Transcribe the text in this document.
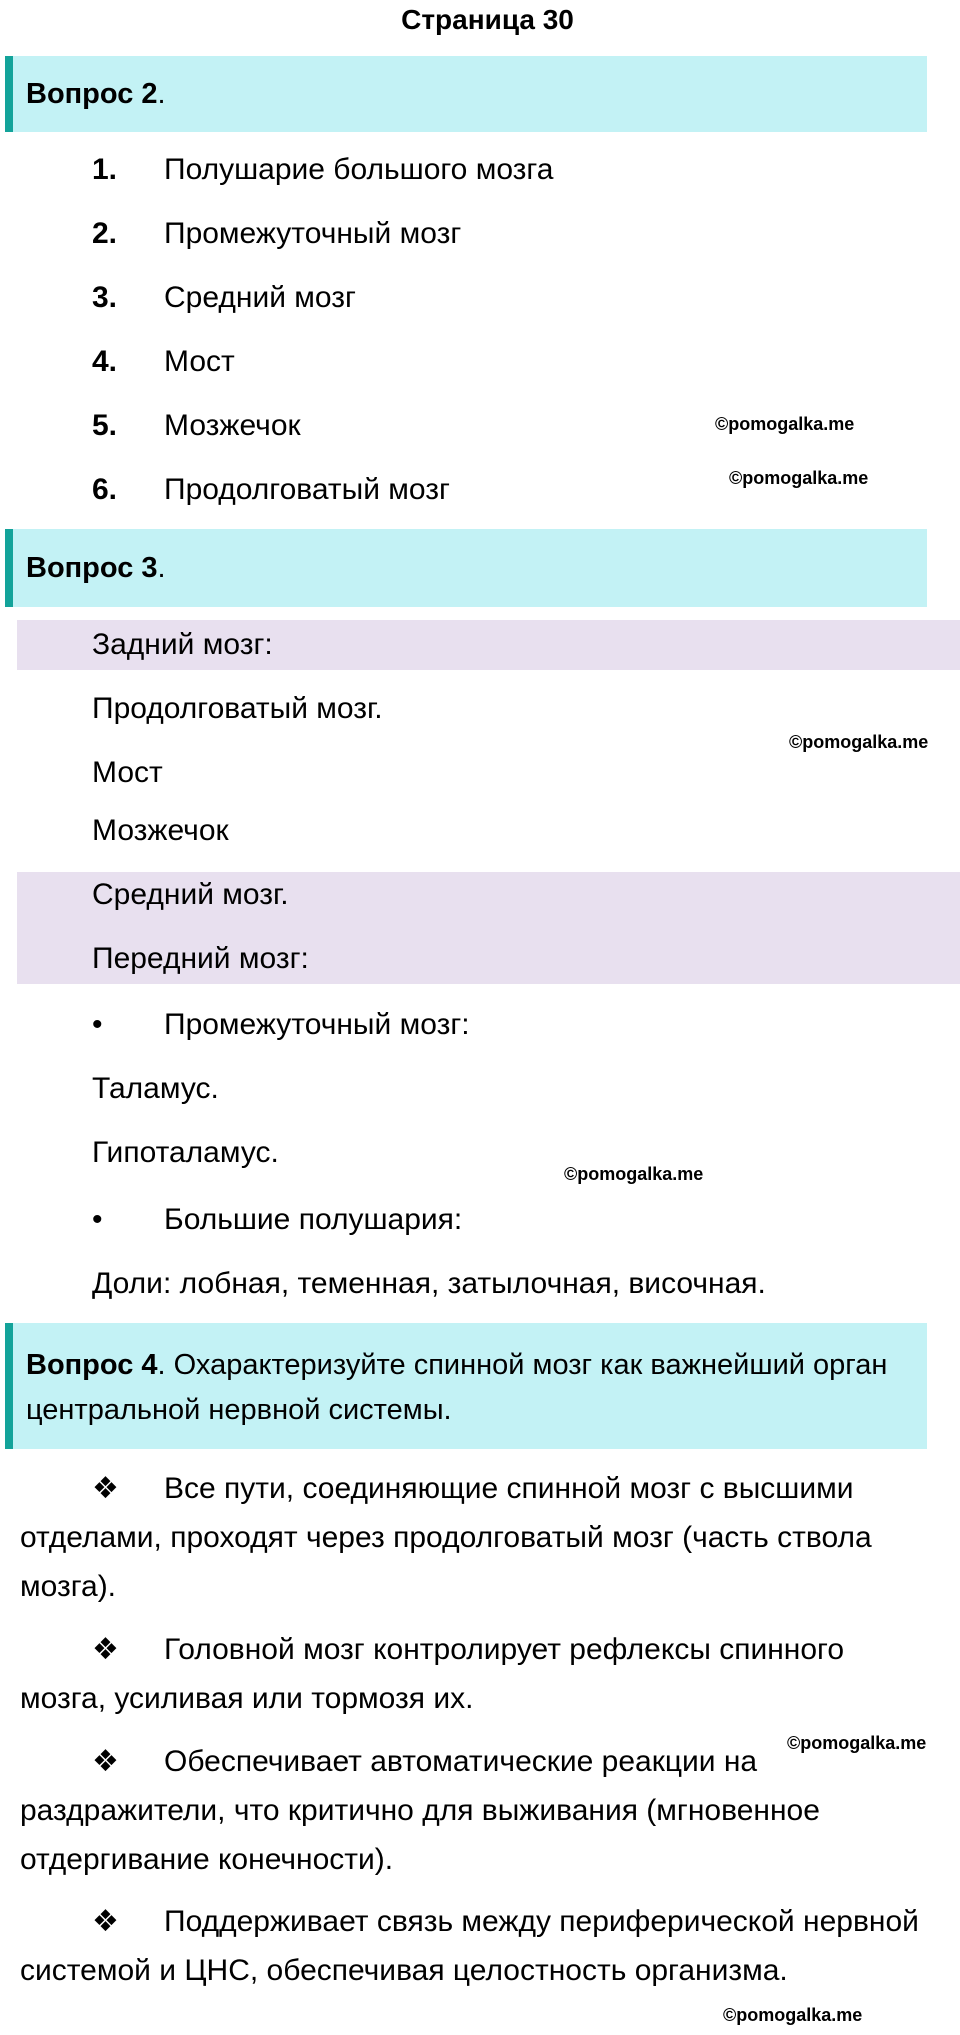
Страница 30
Вопрос 2.
1. Полушарие большого мозга
2. Промежуточный мозг
3. Средний мозг
4. Мост
5. Мозжечок
6. Продолговатый мозг
©pomogalka.me
©pomogalka.me
Вопрос 3.
Задний мозг:
Продолговатый мозг.
Мост
Мозжечок
Средний мозг.
Передний мозг:
• Промежуточный мозг:
Таламус.
Гипоталамус.
• Большие полушария:
Доли: лобная, теменная, затылочная, височная.
©pomogalka.me
©pomogalka.me
Вопрос 4. Охарактеризуйте спинной мозг как важнейший орган центральной нервной системы.
❖ Все пути, соединяющие спинной мозг с высшими отделами, проходят через продолговатый мозг (часть ствола мозга).
❖ Головной мозг контролирует рефлексы спинного мозга, усиливая или тормозя их.
❖ Обеспечивает автоматические реакции на раздражители, что критично для выживания (мгновенное отдергивание конечности).
❖ Поддерживает связь между периферической нервной системой и ЦНС, обеспечивая целостность организма.
©pomogalka.me
©pomogalka.me
